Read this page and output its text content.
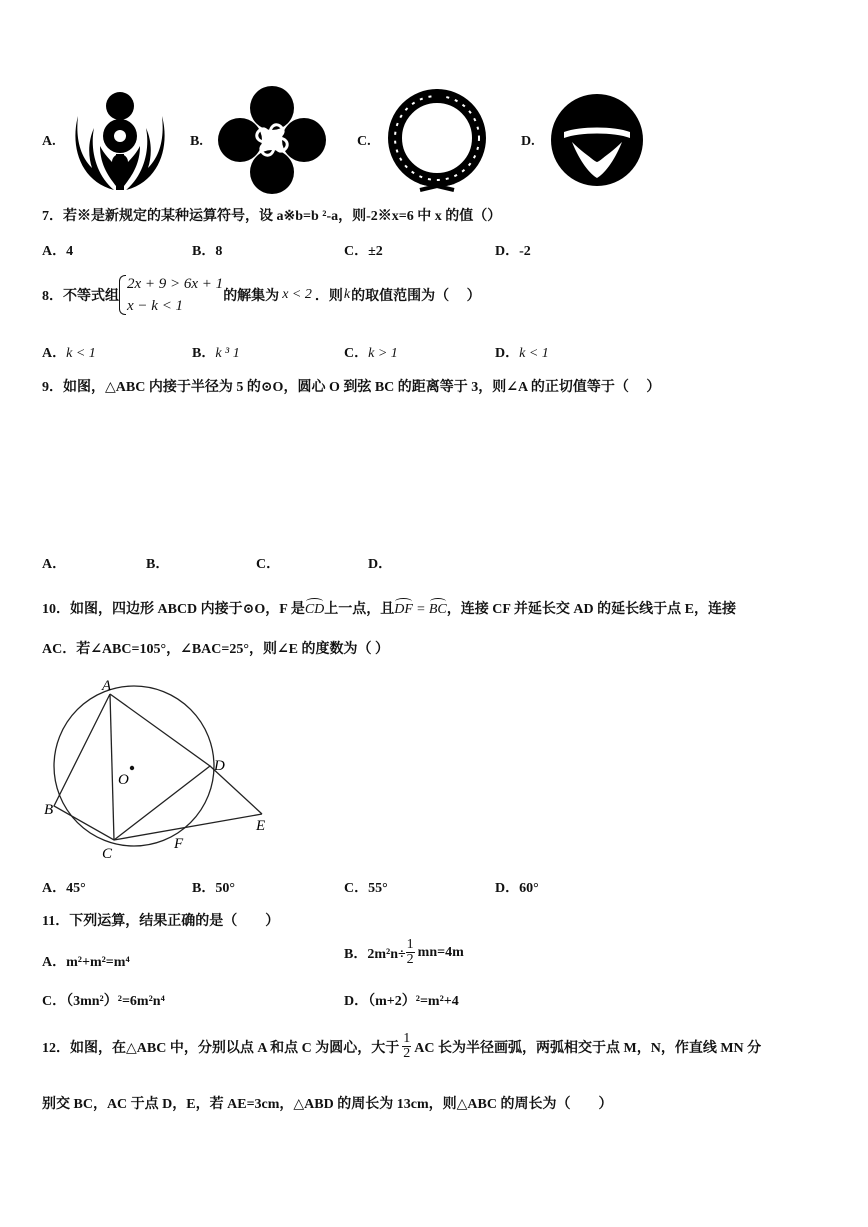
A.	B.	C.	D.
7．若※是新规定的某种运算符号，设 a※b=b ²-a，则-2※x=6 中 x 的值（）
A．4	B．8	C．±2	D．-2
8．不等式组
2x + 9 > 6x + 1
x − k < 1
的解集为 x < 2 ．则 k 的取值范围为（　 ）
A．k < 1	B．k ³ 1	C．k > 1	D．k < 1
9．如图，△ABC 内接于半径为 5 的⊙O，圆心 O 到弦 BC 的距离等于 3，则∠A 的正切值等于（　 ）
A．	B．	C．	D．
10．如图，四边形 ABCD 内接于⊙O，F 是CD上一点，且DF = BC，连接 CF 并延长交 AD 的延长线于点 E，连接
AC．若∠ABC=105°，∠BAC=25°，则∠E 的度数为（ ）
A
B
C
D
E
F
O
A．45°	B．50°	C．55°	D．60°
11．下列运算，结果正确的是（　　）
A．m²+m²=m⁴
B．$2m^2n\div \frac{1}{2} mn=4m$
C．（3mn²）²=6m²n⁴	D．（m+2）²=m²+4
12．如图，在△ABC 中，分别以点 A 和点 C 为圆心，大于 $\frac{1}{2}$ AC 长为半径画弧，两弧相交于点 M，N，作直线 MN 分
别交 BC，AC 于点 D，E，若 AE=3cm，△ABD 的周长为 13cm，则△ABC 的周长为（　　）
